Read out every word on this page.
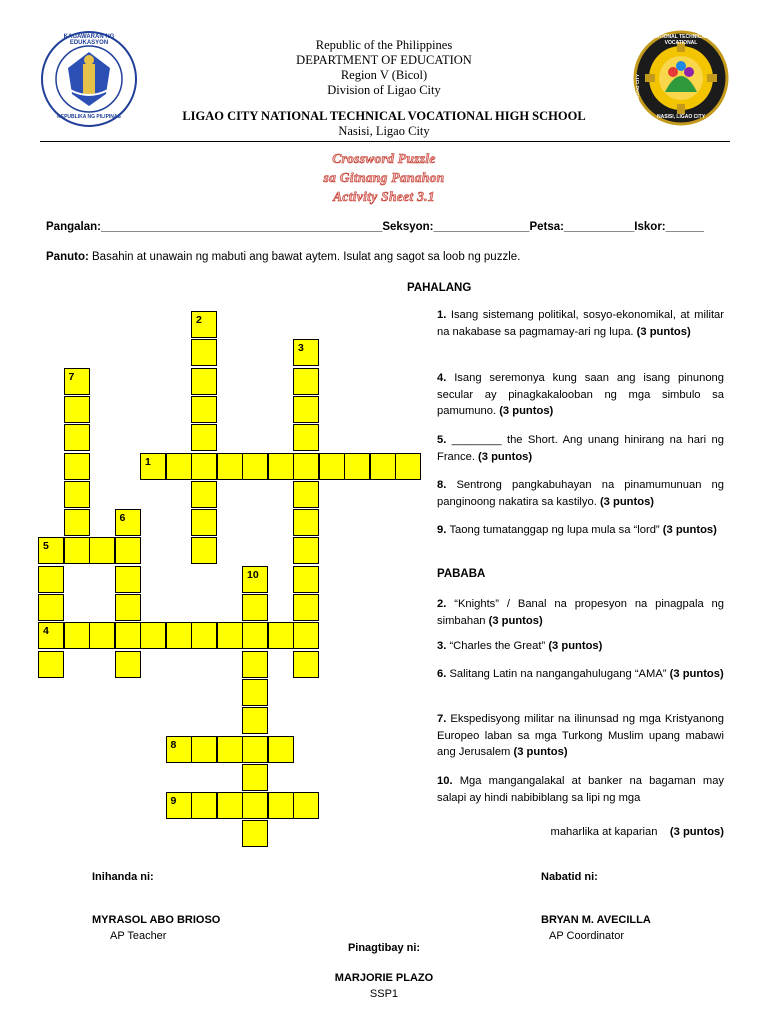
KAGAWARAN NG EDUKASYON
REPUBLIKA NG PILIPINAS
NATIONAL TECHNICAL-VOCATIONAL
LIGAO CITY
NASISI, LIGAO CITY
Republic of the Philippines
DEPARTMENT OF EDUCATION
Region V (Bicol)
Division of Ligao City
LIGAO CITY NATIONAL TECHNICAL VOCATIONAL HIGH SCHOOL
Nasisi, Ligao City
Crossword Puzzle
sa Gitnang Panahon
Activity Sheet 3.1
Pangalan:____________________________________________Seksyon:_______________Petsa:___________Iskor:______
Panuto: Basahin at unawain ng mabuti ang bawat aytem. Isulat ang sagot sa loob ng puzzle.
PAHALANG
1. Isang sistemang politikal, sosyo-ekonomikal, at militar na nakabase sa pagmamay-ari ng lupa. (3 puntos)
4. Isang seremonya kung saan ang isang pinunong secular ay pinagkakalooban ng mga simbulo sa pamumuno. (3 puntos)
5. ________ the Short. Ang unang hinirang na hari ng France. (3 puntos)
8. Sentrong pangkabuhayan na pinamumunuan ng panginoong nakatira sa kastilyo. (3 puntos)
9. Taong tumatanggap ng lupa mula sa “lord” (3 puntos)
PABABA
2. “Knights” / Banal na propesyon na pinagpala ng simbahan (3 puntos)
3. “Charles the Great” (3 puntos)
6. Salitang Latin na nangangahulugang “AMA” (3 puntos)
7. Ekspedisyong militar na ilinunsad ng mga Kristyanong Europeo laban sa mga Turkong Muslim upang mabawi ang Jerusalem (3 puntos)
10. Mga mangangalakal at banker na bagaman may salapi ay hindi nabibiblang sa lipi ng mga
maharlika at kaparian (3 puntos)
1
2
3
4
5
6
7
8
9
10
Inihanda ni:	Nabatid ni:
MYRASOL ABO BRIOSO
AP Teacher
BRYAN M. AVECILLA
AP Coordinator
Pinagtibay ni:
MARJORIE PLAZO
SSP1
